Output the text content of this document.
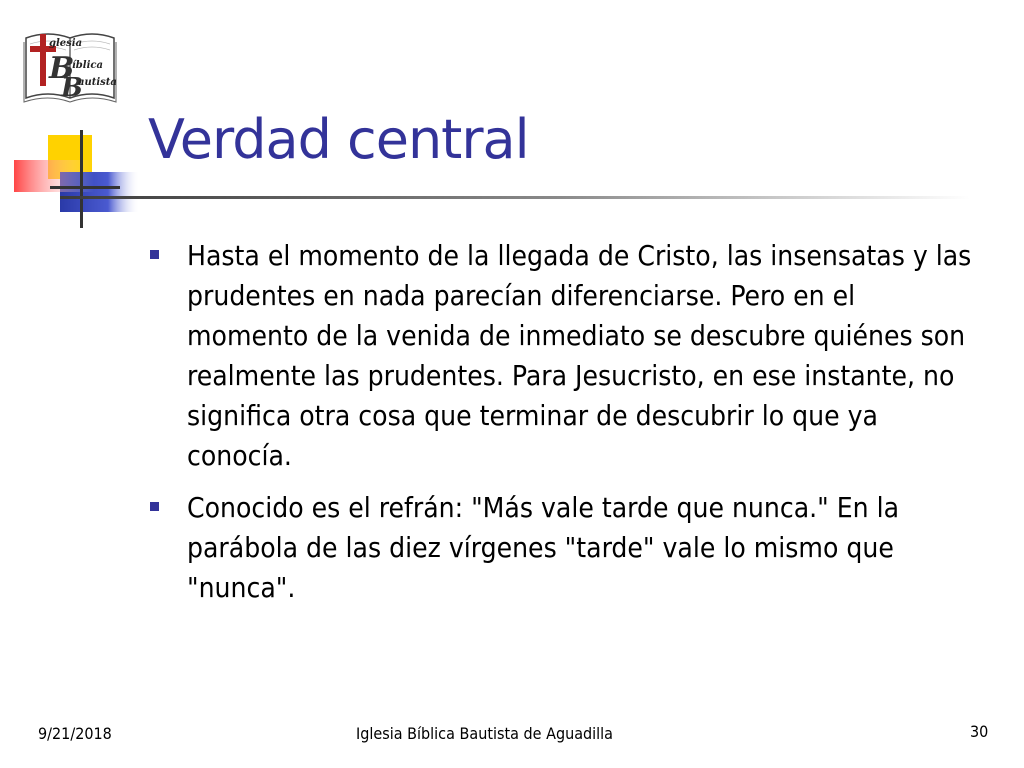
B
B
glesia
íblica
autista
Verdad central
Hasta el momento de la llegada de Cristo, las insensatas y las prudentes en nada parecían diferenciarse. Pero en el momento de la venida de inmediato se descubre quiénes son realmente las prudentes. Para Jesucristo, en ese instante, no significa otra cosa que terminar de descubrir lo que ya conocía.
Conocido es el refrán: "Más vale tarde que nunca." En la parábola de las diez vírgenes "tarde" vale lo mismo que "nunca".
9/21/2018	Iglesia Bíblica Bautista de Aguadilla	30
